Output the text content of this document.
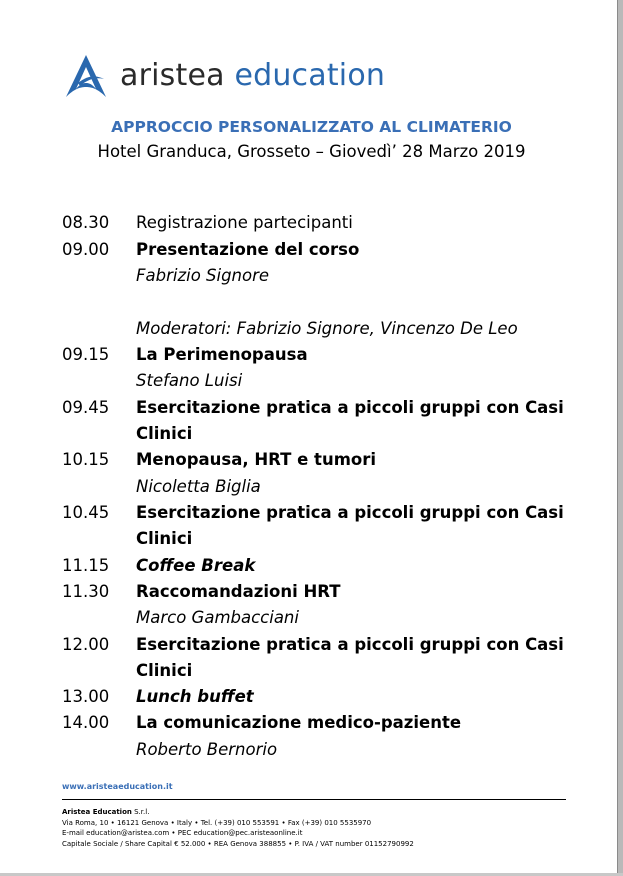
aristea education
APPROCCIO PERSONALIZZATO AL CLIMATERIO
Hotel Granduca, Grosseto – Giovedì’ 28 Marzo 2019
08.30 Registrazione partecipanti
09.00 Presentazione del corso
Fabrizio Signore
Moderatori: Fabrizio Signore, Vincenzo De Leo
09.15 La Perimenopausa
Stefano Luisi
09.45 Esercitazione pratica a piccoli gruppi con Casi
Clinici
10.15 Menopausa, HRT e tumori
Nicoletta Biglia
10.45 Esercitazione pratica a piccoli gruppi con Casi
Clinici
11.15 Coffee Break
11.30 Raccomandazioni HRT
Marco Gambacciani
12.00 Esercitazione pratica a piccoli gruppi con Casi
Clinici
13.00 Lunch buffet
14.00 La comunicazione medico-paziente
Roberto Bernorio
www.aristeaeducation.it
Aristea Education S.r.l.
Via Roma, 10 • 16121 Genova • Italy • Tel. (+39) 010 553591 • Fax (+39) 010 5535970
E-mail education@aristea.com • PEC education@pec.aristeaonline.it
Capitale Sociale / Share Capital € 52.000 • REA Genova 388855 • P. IVA / VAT number 01152790992
